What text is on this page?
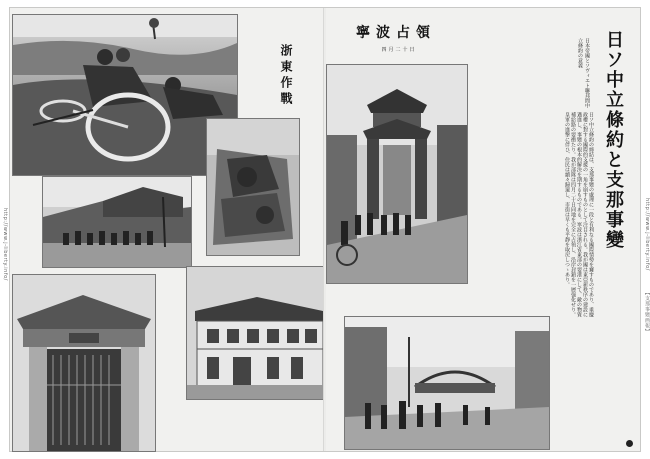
浙東作戰

http://www.j-liberty.info/
寧波占領
四月二十日
	日ソ中立條約と支那事變
日本帝國とソヴィエト聯邦間中立條約の意義
日ソ中立條約の締結は、支那事變の處理に一段と有利なる國際情勢を齎すものであり、重慶政權に對する國際的支援の一角を崩すものとして注目される。我が國は東亞新秩序の建設に邁進し、事變の根本的解決を期するものである。寧波は浙江省東部の要港にして、敵の物資補給路の要衝たり。我が部隊は四月二十日同地を完全に占領し、沿岸封鎖を一層强化せり。皇軍の進撃に伴ひ、住民は續々歸還し、市街は早くも平靜を取戻しつゝあり。	http://www.j-liberty.info/
【支那事變画報】
